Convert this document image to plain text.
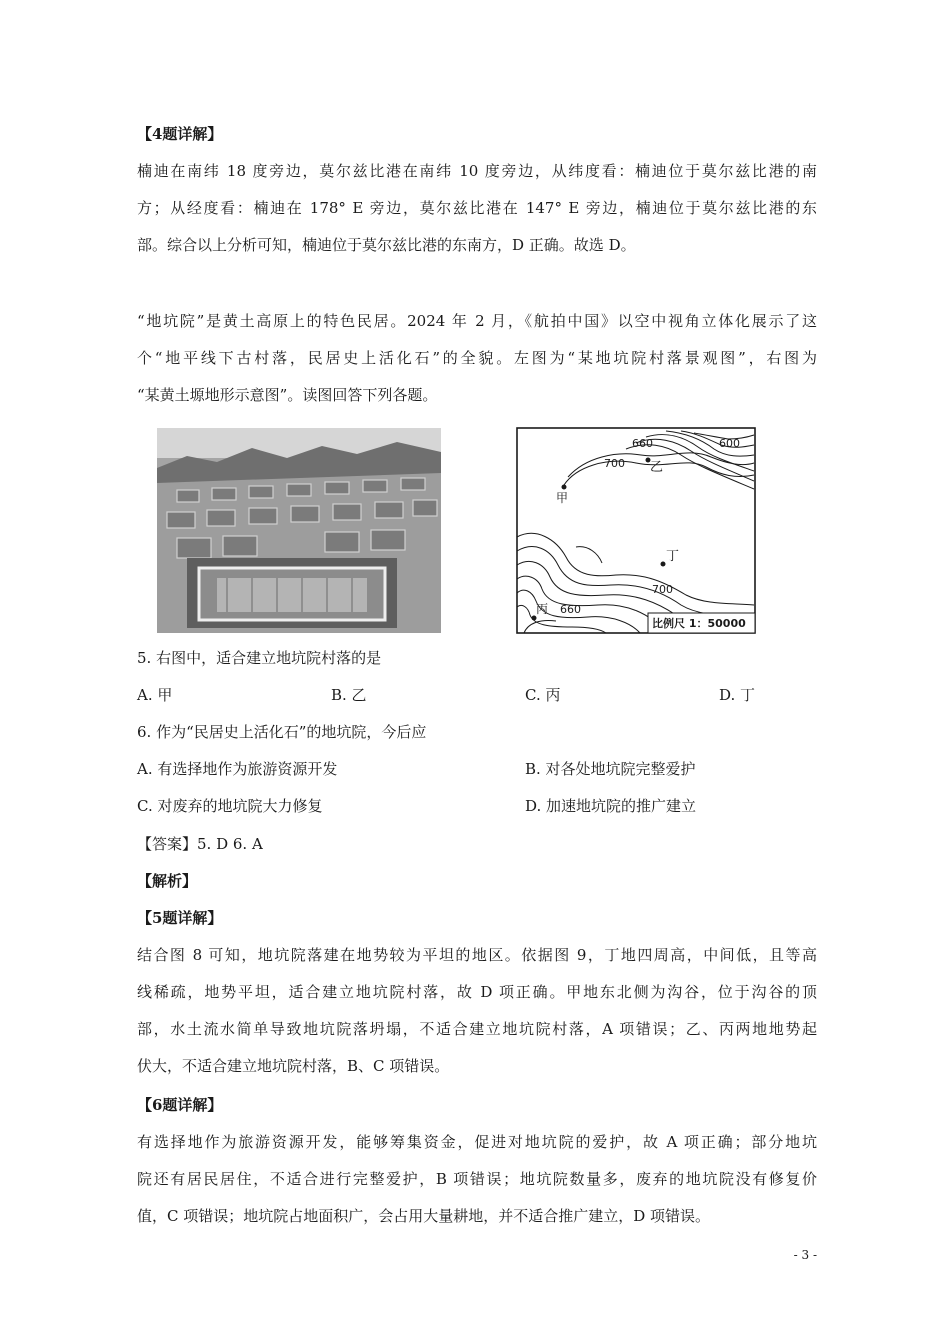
【4题详解】
楠迪在南纬 18 度旁边，莫尔兹比港在南纬 10 度旁边，从纬度看：楠迪位于莫尔兹比港的南
方；从经度看：楠迪在 178° E 旁边，莫尔兹比港在 147° E 旁边，楠迪位于莫尔兹比港的东
部。综合以上分析可知，楠迪位于莫尔兹比港的东南方，D 正确。故选 D。
“地坑院”是黄土高原上的特色民居。2024 年 2 月，《航拍中国》以空中视角立体化展示了这
个“地平线下古村落，民居史上活化石”的全貌。左图为“某地坑院村落景观图”，右图为
“某黄土塬地形示意图”。读图回答下列各题。
5. 右图中，适合建立地坑院村落的是
A. 甲	B. 乙	C. 丙	D. 丁
6. 作为“民居史上活化石”的地坑院，今后应
A. 有选择地作为旅游资源开发	B. 对各处地坑院完整爱护
C. 对废弃的地坑院大力修复	D. 加速地坑院的推广建立
【答案】5. D 6. A
【解析】
【5题详解】
结合图 8 可知，地坑院落建在地势较为平坦的地区。依据图 9，丁地四周高，中间低，且等高
线稀疏，地势平坦，适合建立地坑院村落，故 D 项正确。甲地东北侧为沟谷，位于沟谷的顶
部，水土流水简单导致地坑院落坍塌，不适合建立地坑院村落，A 项错误；乙、丙两地地势起
伏大，不适合建立地坑院村落，B、C 项错误。
【6题详解】
有选择地作为旅游资源开发，能够筹集资金，促进对地坑院的爱护，故 A 项正确；部分地坑
院还有居民居住，不适合进行完整爱护，B 项错误；地坑院数量多，废弃的地坑院没有修复价
值，C 项错误；地坑院占地面积广，会占用大量耕地，并不适合推广建立，D 项错误。
660	600
700 乙
甲
丁
700
丙 660
比例尺 1：50000
- 3 -
